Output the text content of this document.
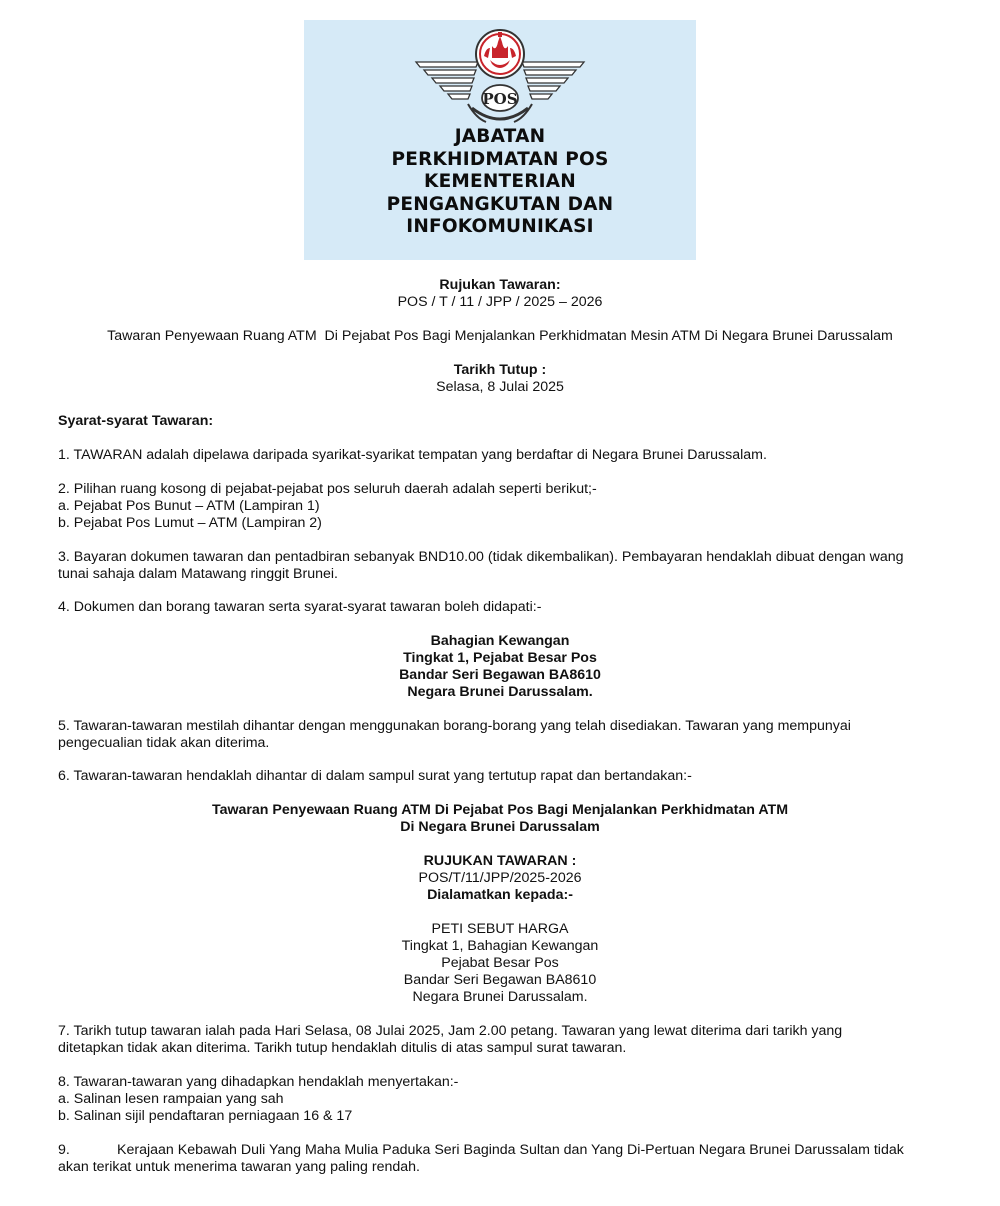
POS
JABATAN
PERKHIDMATAN POS
KEMENTERIAN
PENGANGKUTAN DAN
INFOKOMUNIKASI
Rujukan Tawaran:
POS / T / 11 / JPP / 2025 – 2026
Tawaran Penyewaan Ruang ATM  Di Pejabat Pos Bagi Menjalankan Perkhidmatan Mesin ATM Di Negara Brunei Darussalam
Tarikh Tutup :
Selasa, 8 Julai 2025
Syarat-syarat Tawaran:
1. TAWARAN adalah dipelawa daripada syarikat-syarikat tempatan yang berdaftar di Negara Brunei Darussalam.
2. Pilihan ruang kosong di pejabat-pejabat pos seluruh daerah adalah seperti berikut;-
a. Pejabat Pos Bunut – ATM (Lampiran 1)
b. Pejabat Pos Lumut – ATM (Lampiran 2)
3. Bayaran dokumen tawaran dan pentadbiran sebanyak BND10.00 (tidak dikembalikan). Pembayaran hendaklah dibuat dengan wang
tunai sahaja dalam Matawang ringgit Brunei.
4. Dokumen dan borang tawaran serta syarat-syarat tawaran boleh didapati:-
Bahagian Kewangan
Tingkat 1, Pejabat Besar Pos
Bandar Seri Begawan BA8610
Negara Brunei Darussalam.
5. Tawaran-tawaran mestilah dihantar dengan menggunakan borang-borang yang telah disediakan. Tawaran yang mempunyai
pengecualian tidak akan diterima.
6. Tawaran-tawaran hendaklah dihantar di dalam sampul surat yang tertutup rapat dan bertandakan:-
Tawaran Penyewaan Ruang ATM Di Pejabat Pos Bagi Menjalankan Perkhidmatan ATM
Di Negara Brunei Darussalam
RUJUKAN TAWARAN :
POS/T/11/JPP/2025-2026
Dialamatkan kepada:-
PETI SEBUT HARGA
Tingkat 1, Bahagian Kewangan
Pejabat Besar Pos
Bandar Seri Begawan BA8610
Negara Brunei Darussalam.
7. Tarikh tutup tawaran ialah pada Hari Selasa, 08 Julai 2025, Jam 2.00 petang. Tawaran yang lewat diterima dari tarikh yang
ditetapkan tidak akan diterima. Tarikh tutup hendaklah ditulis di atas sampul surat tawaran.
8. Tawaran-tawaran yang dihadapkan hendaklah menyertakan:-
a. Salinan lesen rampaian yang sah
b. Salinan sijil pendaftaran perniagaan 16 & 17
9.	Kerajaan Kebawah Duli Yang Maha Mulia Paduka Seri Baginda Sultan dan Yang Di-Pertuan Negara Brunei Darussalam tidak
akan terikat untuk menerima tawaran yang paling rendah.
